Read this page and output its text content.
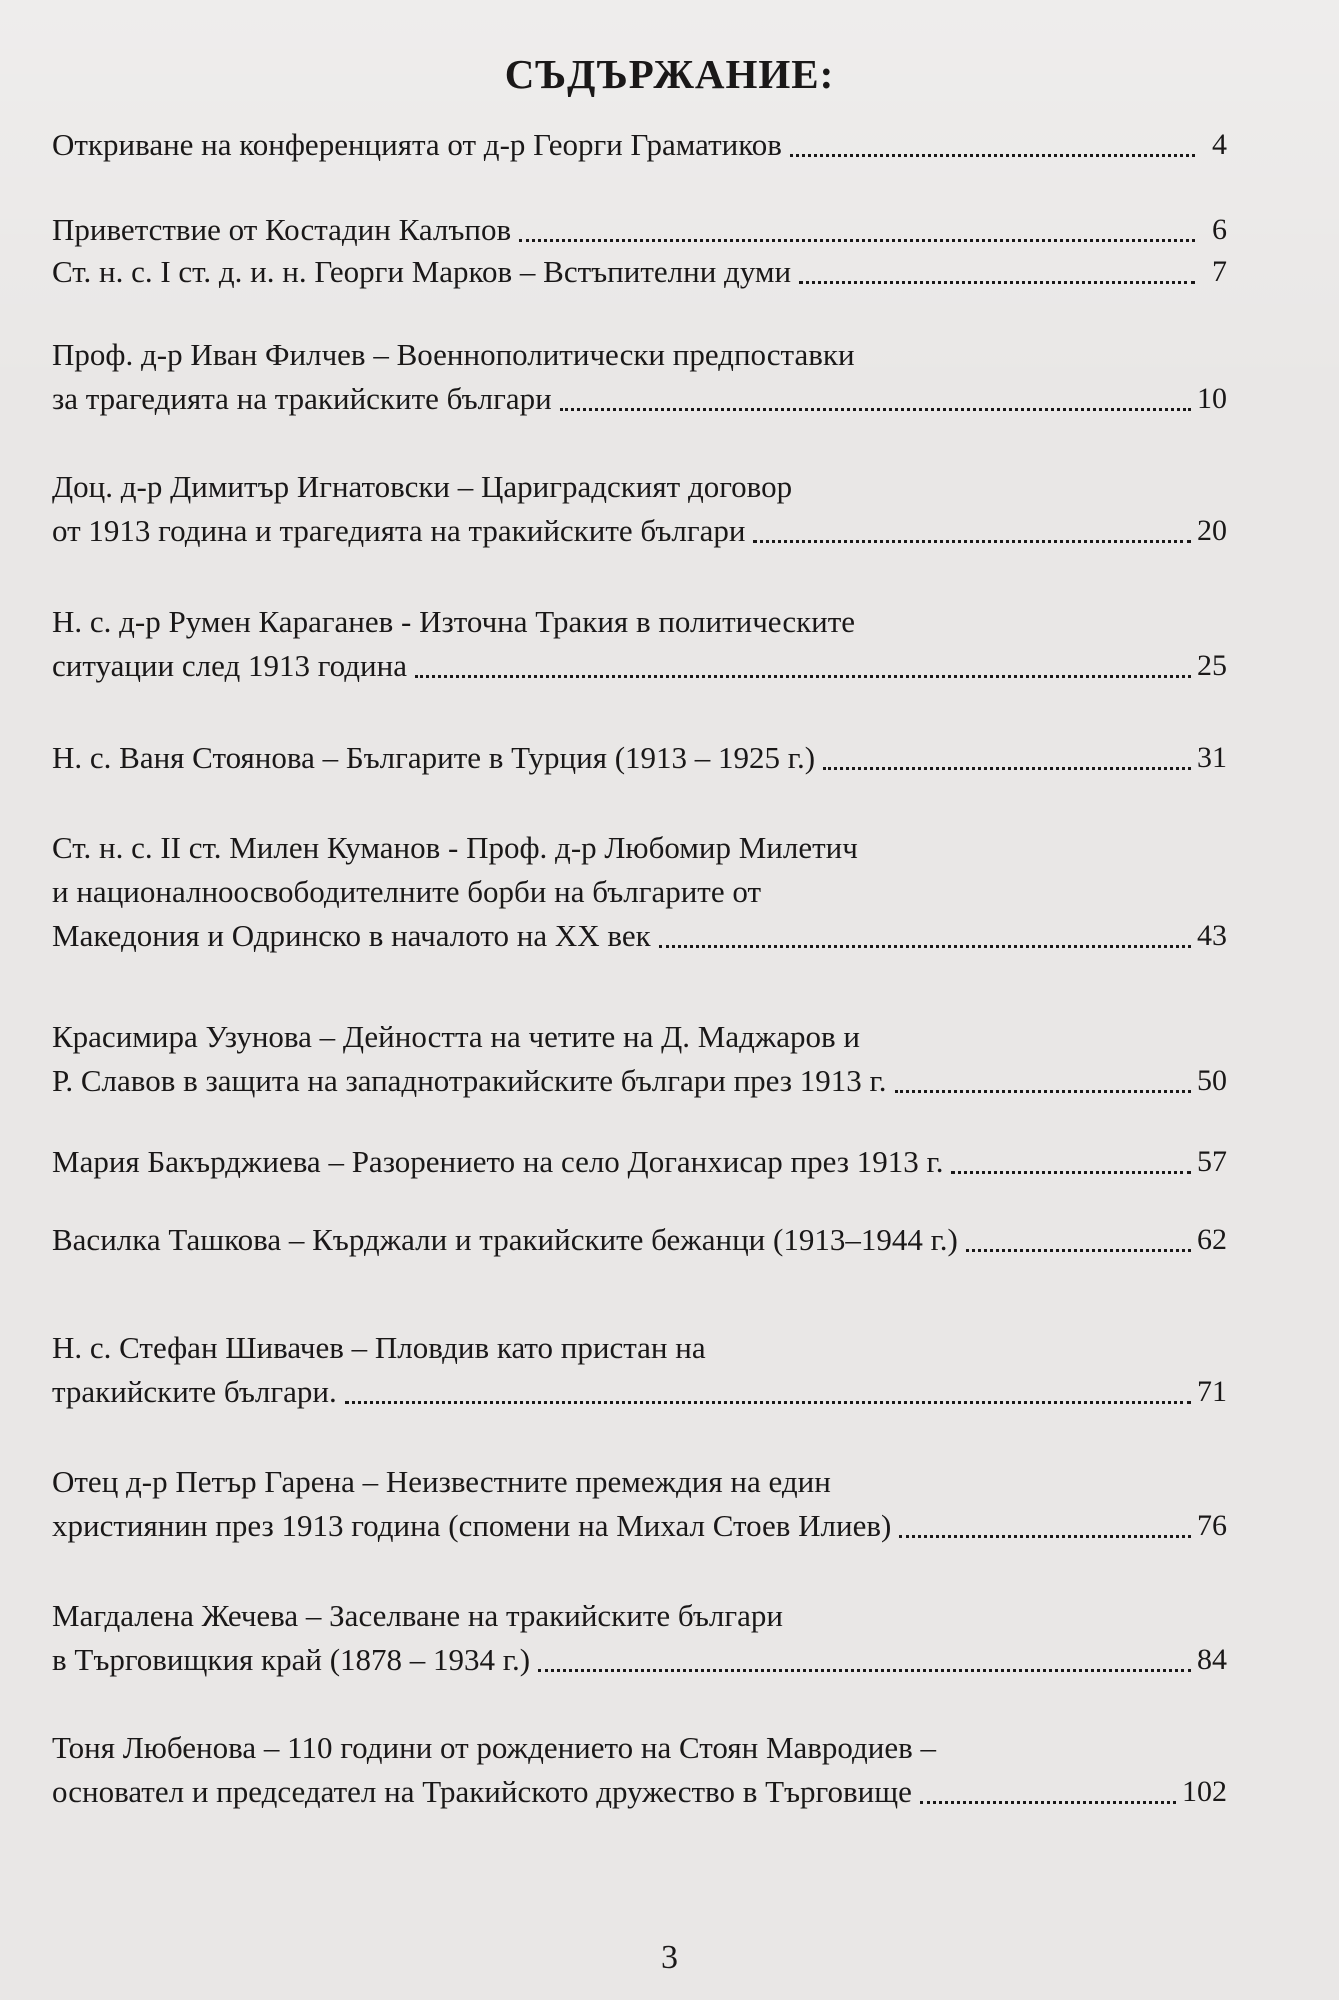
СЪДЪРЖАНИЕ:
Откриване на конференцията от д-р Георги Граматиков	4
Приветствие от Костадин Калъпов	6
Ст. н. с. I ст. д. и. н. Георги Марков – Встъпителни думи	7
Проф. д-р Иван Филчев – Военнополитически предпоставки
за трагедията на тракийските българи	10
Доц. д-р Димитър Игнатовски – Цариградският договор
от 1913 година и трагедията на тракийските българи	20
Н. с. д-р Румен Караганев - Източна Тракия в политическите
ситуации след 1913 година	25
Н. с. Ваня Стоянова – Българите в Турция (1913 – 1925 г.)	31
Ст. н. с. II ст. Милен Куманов - Проф. д-р Любомир Милетич
и националноосвободителните борби на българите от
Македония и Одринско в началото на XX век	43
Красимира Узунова – Дейността на четите на Д. Маджаров и
Р. Славов в защита на западнотракийските българи през 1913 г.	50
Мария Бакърджиева – Разорението на село Доганхисар през 1913 г.	57
Василка Ташкова – Кърджали и тракийските бежанци (1913–1944 г.)	62
Н. с. Стефан Шивачев – Пловдив като пристан на
тракийските българи.	71
Отец д-р Петър Гарена – Неизвестните премеждия на един
християнин през 1913 година (спомени на Михал Стоев Илиев)	76
Магдалена Жечева – Заселване на тракийските българи
в Търговищкия край (1878 – 1934 г.)	84
Тоня Любенова – 110 години от рождението на Стоян Мавродиев –
основател и председател на Тракийското дружество в Търговище	102
3
